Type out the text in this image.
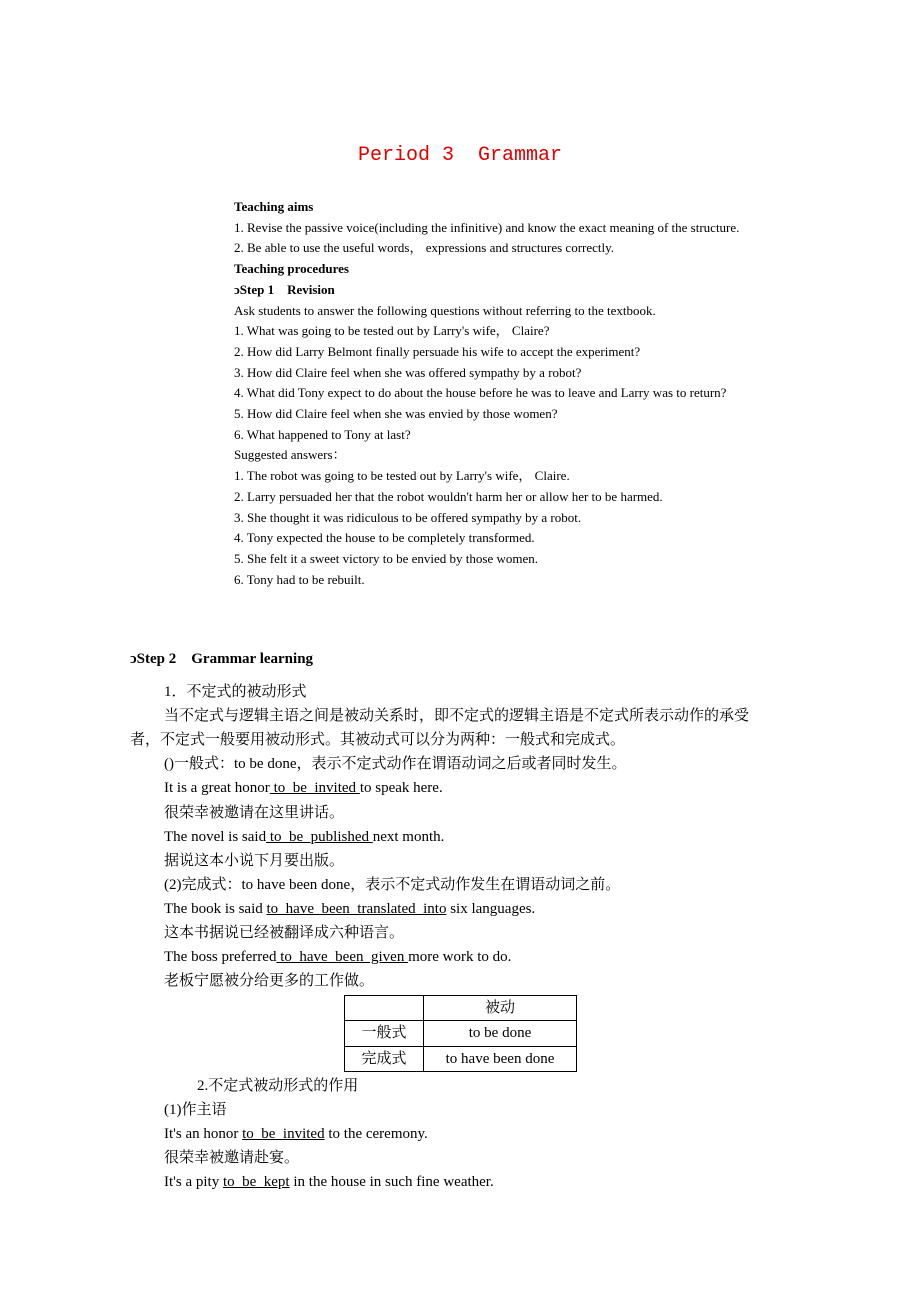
Period 3  Grammar

Teaching aims

1. Revise the passive voice(including the infinitive) and know the exact meaning of the structure.

2. Be able to use the useful words， expressions and structures correctly.

Teaching procedures

ↄStep 1　Revision

Ask students to answer the following questions without referring to the textbook.

1. What was going to be tested out by Larry's wife， Claire?

2. How did Larry Belmont finally persuade his wife to accept the experiment?

3. How did Claire feel when she was offered sympathy by a robot?

4. What did Tony expect to do about the house before he was to leave and Larry was to return?

5. How did Claire feel when she was envied by those women?

6. What happened to Tony at last?

Suggested answers：

1. The robot was going to be tested out by Larry's wife， Claire.

2. Larry persuaded her that the robot wouldn't harm her or allow her to be harmed.

3. She thought it was ridiculous to be offered sympathy by a robot.

4. Tony expected the house to be completely transformed.

5. She felt it a sweet victory to be envied by those women.

6. Tony had to be rebuilt.

ↄStep 2　Grammar learning

1．不定式的被动形式

当不定式与逻辑主语之间是被动关系时，即不定式的逻辑主语是不定式所表示动作的承受者，不定式一般要用被动形式。其被动式可以分为两种：一般式和完成式。

()一般式：to be done，表示不定式动作在谓语动词之后或者同时发生。

It is a great honor to  be  invited to speak here.

很荣幸被邀请在这里讲话。

The novel is said to  be  published next month.

据说这本小说下月要出版。

(2)完成式：to have been done，表示不定式动作发生在谓语动词之前。

The book is said to  have  been  translated  into six languages.

这本书据说已经被翻译成六种语言。

The boss preferred to  have  been  given more work to do.

老板宁愿被分给更多的工作做。

	被动
一般式	to be done
完成式	to have been done

2.不定式被动形式的作用

(1)作主语

It's an honor to  be  invited to the ceremony.

很荣幸被邀请赴宴。

It's a pity to  be  kept in the house in such fine weather.
